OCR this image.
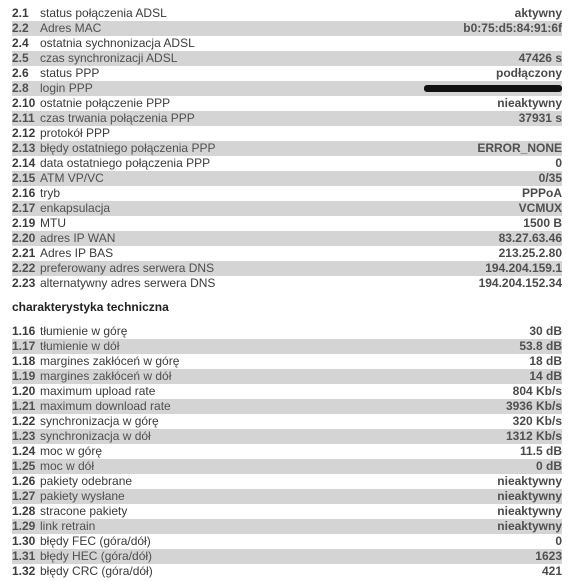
2.1 status połączenia ADSL	aktywny
2.2 Adres MAC	b0:75:d5:84:91:6f
2.4 ostatnia sychnonizacja ADSL
2.5 czas synchronizacji ADSL	47426 s
2.6 status PPP	podłączony
2.8 login PPP
2.10 ostatnie połączenie PPP	nieaktywny
2.11 czas trwania połączenia PPP	37931 s
2.12 protokół PPP
2.13 błędy ostatniego połączenia PPP	ERROR_NONE
2.14 data ostatniego połączenia PPP	0
2.15 ATM VP/VC	0/35
2.16 tryb	PPPoA
2.17 enkapsulacja	VCMUX
2.19 MTU	1500 B
2.20 adres IP WAN	83.27.63.46
2.21 Adres IP BAS	213.25.2.80
2.22 preferowany adres serwera DNS	194.204.159.1
2.23 alternatywny adres serwera DNS	194.204.152.34
charakterystyka techniczna
1.16 tłumienie w górę	30 dB
1.17 tłumienie w dół	53.8 dB
1.18 margines zakłóceń w górę	18 dB
1.19 margines zakłóceń w dół	14 dB
1.20 maximum upload rate	804 Kb/s
1.21 maximum download rate	3936 Kb/s
1.22 synchronizacja w górę	320 Kb/s
1.23 synchronizacja w dół	1312 Kb/s
1.24 moc w górę	11.5 dB
1.25 moc w dół	0 dB
1.26 pakiety odebrane	nieaktywny
1.27 pakiety wysłane	nieaktywny
1.28 stracone pakiety	nieaktywny
1.29 link retrain	nieaktywny
1.30 błędy FEC (góra/dół)	0
1.31 błędy HEC (góra/dół)	1623
1.32 błędy CRC (góra/dół)	421
